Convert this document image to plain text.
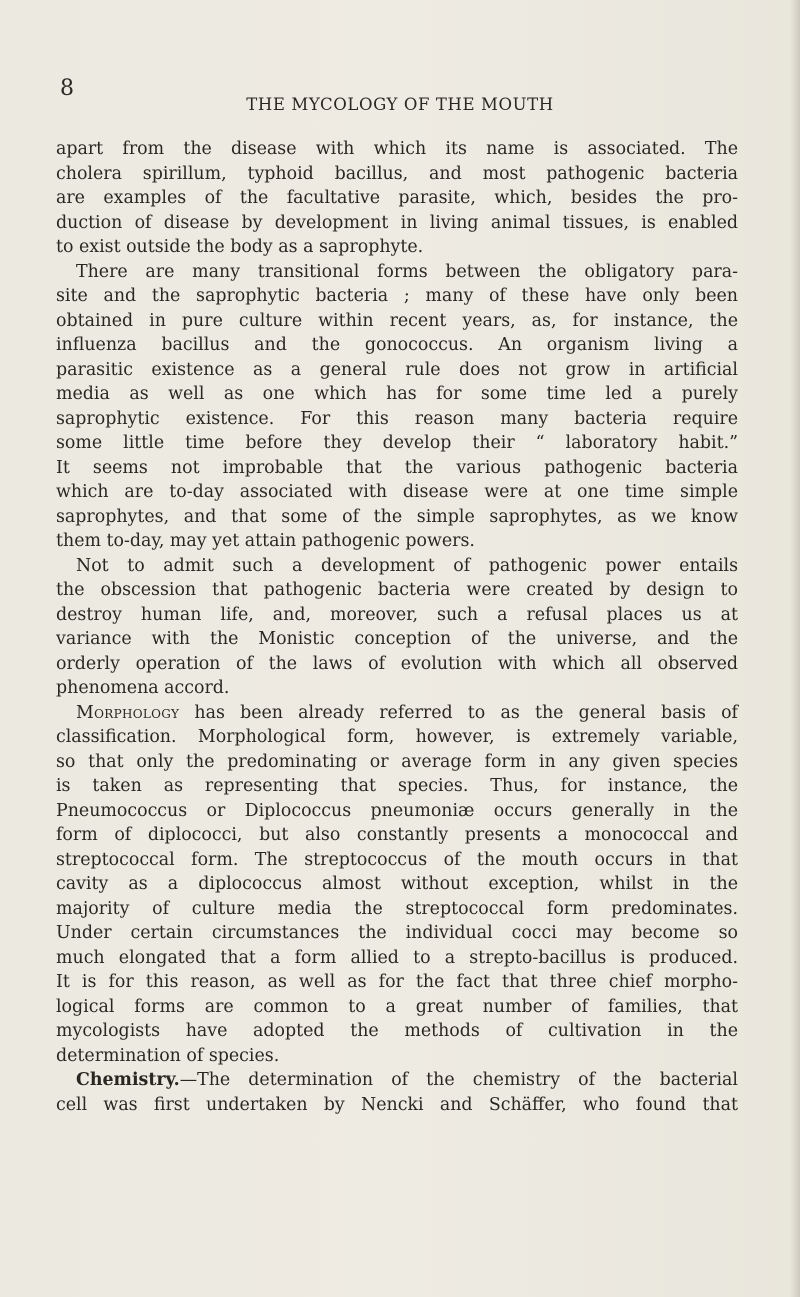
8
THE MYCOLOGY OF THE MOUTH
apart from the disease with which its name is associated. The
cholera spirillum, typhoid bacillus, and most pathogenic bacteria
are examples of the facultative parasite, which, besides the pro-
duction of disease by development in living animal tissues, is enabled
to exist outside the body as a saprophyte.
There are many transitional forms between the obligatory para-
site and the saprophytic bacteria ; many of these have only been
obtained in pure culture within recent years, as, for instance, the
influenza bacillus and the gonococcus. An organism living a
parasitic existence as a general rule does not grow in artificial
media as well as one which has for some time led a purely
saprophytic existence. For this reason many bacteria require
some little time before they develop their “ laboratory habit.”
It seems not improbable that the various pathogenic bacteria
which are to-day associated with disease were at one time simple
saprophytes, and that some of the simple saprophytes, as we know
them to-day, may yet attain pathogenic powers.
Not to admit such a development of pathogenic power entails
the obscession that pathogenic bacteria were created by design to
destroy human life, and, moreover, such a refusal places us at
variance with the Monistic conception of the universe, and the
orderly operation of the laws of evolution with which all observed
phenomena accord.
Morphology has been already referred to as the general basis of
classification. Morphological form, however, is extremely variable,
so that only the predominating or average form in any given species
is taken as representing that species. Thus, for instance, the
Pneumococcus or Diplococcus pneumoniæ occurs generally in the
form of diplococci, but also constantly presents a monococcal and
streptococcal form. The streptococcus of the mouth occurs in that
cavity as a diplococcus almost without exception, whilst in the
majority of culture media the streptococcal form predominates.
Under certain circumstances the individual cocci may become so
much elongated that a form allied to a strepto-bacillus is produced.
It is for this reason, as well as for the fact that three chief morpho-
logical forms are common to a great number of families, that
mycologists have adopted the methods of cultivation in the
determination of species.
Chemistry.—The determination of the chemistry of the bacterial
cell was first undertaken by Nencki and Schäffer, who found that
